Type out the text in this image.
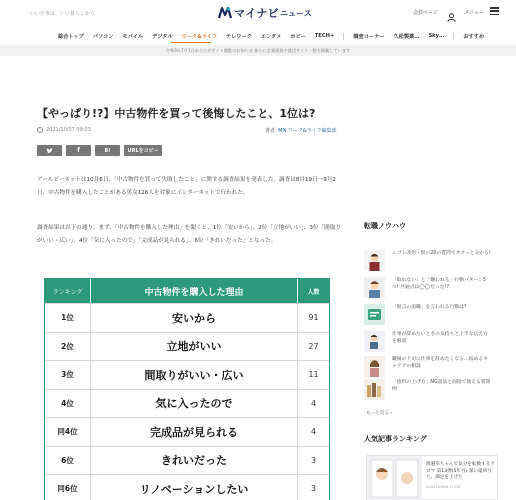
いい仕事は、いい暮らしから	マイナビ ニュース	会員ページ	メニュー
総合トップ パソコン モバイル デジタル ワーク&ライフ テレワーク エンタメ ホビー TECH+	調査コーナー 久松製薬… Sky…	おすすめ
令和3年7月1日から公式サイト閲覧のお知らせ 新たに企業情報や就活サイト一覧を掲載しています
【やっぱり!?】中古物件を買って後悔したこと、1位は?
2021/10/07 09:03	著者: MN ワーク&ライフ編集部
f	B!	URLをコピー

アールピーネットは10月6日、「中古物件を買って失敗したこと」に関する調査結果を発表した。調査は8月19日〜9月2日、中古物件を購入したことがある男女116人を対象にインターネットで行われた。

調査結果は以下の通り。まず、「中古物件を購入した理由」を聞くと、1位「安いから」、2位「立地がいい」、3位「間取りがいい・広い」、4位「気に入ったので」「完成品が見られる」、6位「きれいだった」となった。

ランキング	中古物件を購入した理由	人数
1位	安いから	91
2位	立地がいい	27
3位	間取りがいい・広い	11
4位	気に入ったので	4
同4位	完成品が見られる	4
6位	きれいだった	3
同6位	リノベーションしたい	3
転職ノウハウ
シゴト改悟・仮の20の質問でサクっと分かる!
「取れない」と「嫌われる」行動パターン5つ! 共通点は◯◯だった!?
「無言の退職」を言われる行動は?
仕事が辞めたいときの気持ちと上手な伝え方を解説
職場の上司に仕事を辞めたくなる…悩めるキャリアの相談
「給料の上げ方」NG話法と面接で使える質問例
もっと見る ›
人気記事ランキング
渡邉歩ちゃんで気分を転換するアロマ 第13弾(5年目) 深い遠回りと、満足を上げた
2021/10/06 17:00
